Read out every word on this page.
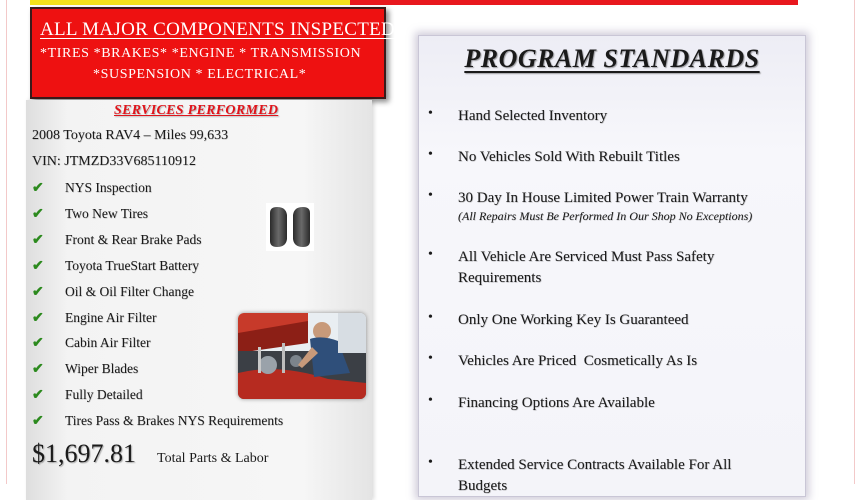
ALL MAJOR COMPONENTS INSPECTED
*TIRES *BRAKES* *ENGINE * TRANSMISSION
*SUSPENSION * ELECTRICAL*
SERVICES PERFORMED
2008 Toyota RAV4 – Miles 99,633
VIN: JTMZD33V685110912
✔ NYS Inspection
✔ Two New Tires
✔ Front & Rear Brake Pads
✔ Toyota TrueStart Battery
✔ Oil & Oil Filter Change
✔ Engine Air Filter
✔ Cabin Air Filter
✔ Wiper Blades
✔ Fully Detailed
✔ Tires Pass & Brakes NYS Requirements
$1,697.81 Total Parts & Labor
PROGRAM STANDARDS
• Hand Selected Inventory
• No Vehicles Sold With Rebuilt Titles
• 30 Day In House Limited Power Train Warranty
(All Repairs Must Be Performed In Our Shop No Exceptions)
• All Vehicle Are Serviced Must Pass Safety Requirements
• Only One Working Key Is Guaranteed
• Vehicles Are Priced  Cosmetically As Is
• Financing Options Are Available
• Extended Service Contracts Available For All Budgets
